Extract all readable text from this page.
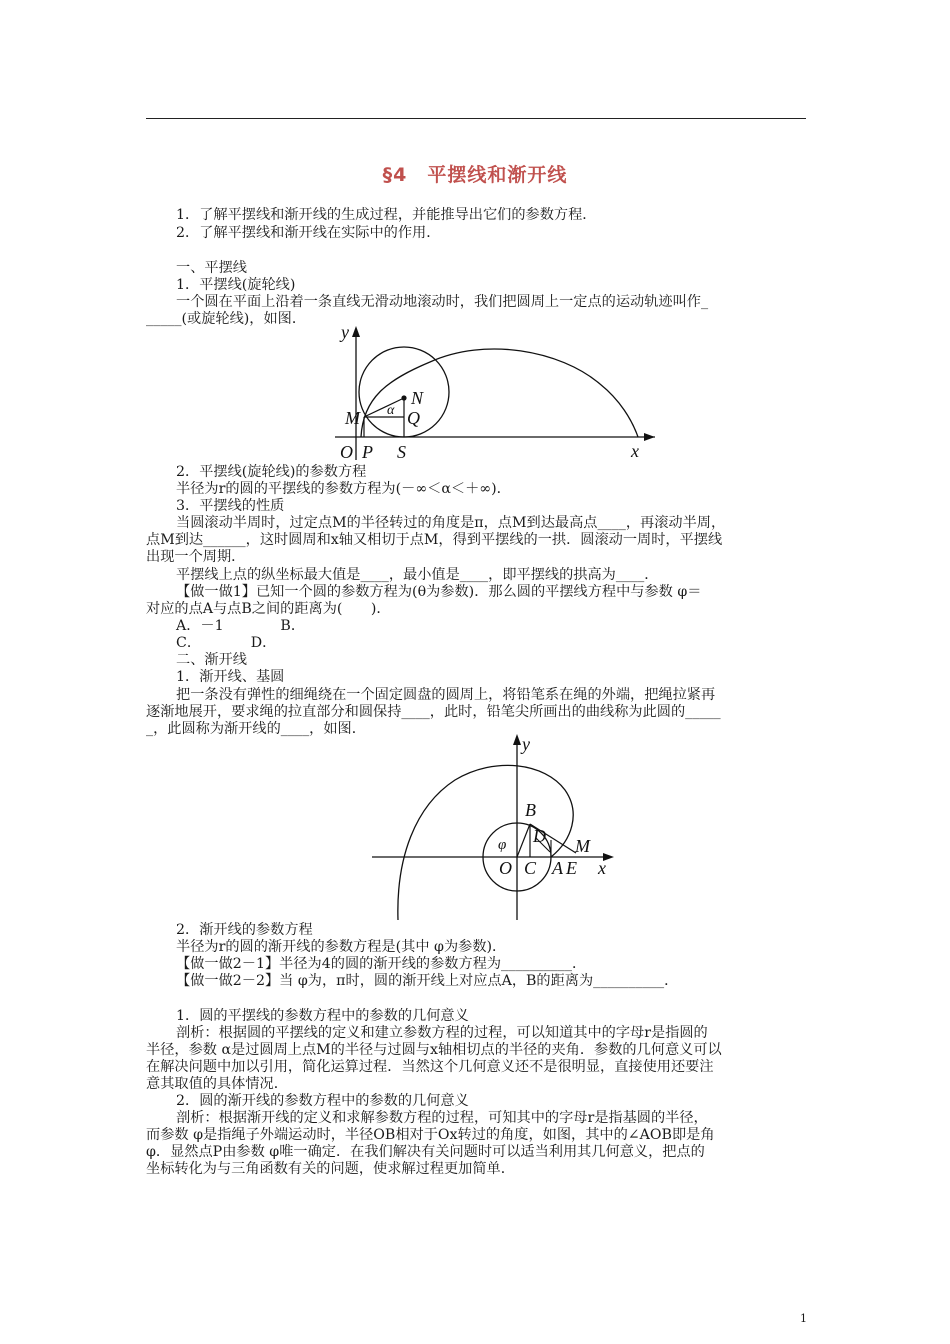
§4　平摆线和渐开线
1．了解平摆线和渐开线的生成过程，并能推导出它们的参数方程．
2．了解平摆线和渐开线在实际中的作用．
一、平摆线
1．平摆线(旋轮线)
一个圆在平面上沿着一条直线无滑动地滚动时，我们把圆周上一定点的运动轨迹叫作_
_____(或旋轮线)，如图．
y
x
O P S
M
N
Q
α
2．平摆线(旋轮线)的参数方程
半径为r的圆的平摆线的参数方程为(－∞＜α＜＋∞)．
3．平摆线的性质
当圆滚动半周时，过定点M的半径转过的角度是π，点M到达最高点____，再滚动半周，
点M到达______，这时圆周和x轴又相切于点M，得到平摆线的一拱．圆滚动一周时，平摆线
出现一个周期．
平摆线上点的纵坐标最大值是____，最小值是____，即平摆线的拱高为____．
【做一做1】已知一个圆的参数方程为(θ为参数)．那么圆的平摆线方程中与参数 φ＝
对应的点A与点B之间的距离为(　　)．
A．－1　　　　B．
C．　　　　D．
二、渐开线
1．渐开线、基圆
把一条没有弹性的细绳绕在一个固定圆盘的圆周上，将铅笔系在绳的外端，把绳拉紧再
逐渐地展开，要求绳的拉直部分和圆保持____，此时，铅笔尖所画出的曲线称为此圆的_____
_，此圆称为渐开线的____，如图．
y
x
O C A E
M
B
D
φ
2．渐开线的参数方程
半径为r的圆的渐开线的参数方程是(其中 φ为参数)．
【做一做2－1】半径为4的圆的渐开线的参数方程为__________．
【做一做2－2】当 φ为，π时，圆的渐开线上对应点A，B的距离为__________．
1．圆的平摆线的参数方程中的参数的几何意义
剖析：根据圆的平摆线的定义和建立参数方程的过程，可以知道其中的字母r是指圆的
半径，参数 α是过圆周上点M的半径与过圆与x轴相切点的半径的夹角．参数的几何意义可以
在解决问题中加以引用，简化运算过程．当然这个几何意义还不是很明显，直接使用还要注
意其取值的具体情况．
2．圆的渐开线的参数方程中的参数的几何意义
剖析：根据渐开线的定义和求解参数方程的过程，可知其中的字母r是指基圆的半径，
而参数 φ是指绳子外端运动时，半径OB相对于Ox转过的角度，如图，其中的∠AOB即是角
φ．显然点P由参数 φ唯一确定．在我们解决有关问题时可以适当利用其几何意义，把点的
坐标转化为与三角函数有关的问题，使求解过程更加简单．
1
